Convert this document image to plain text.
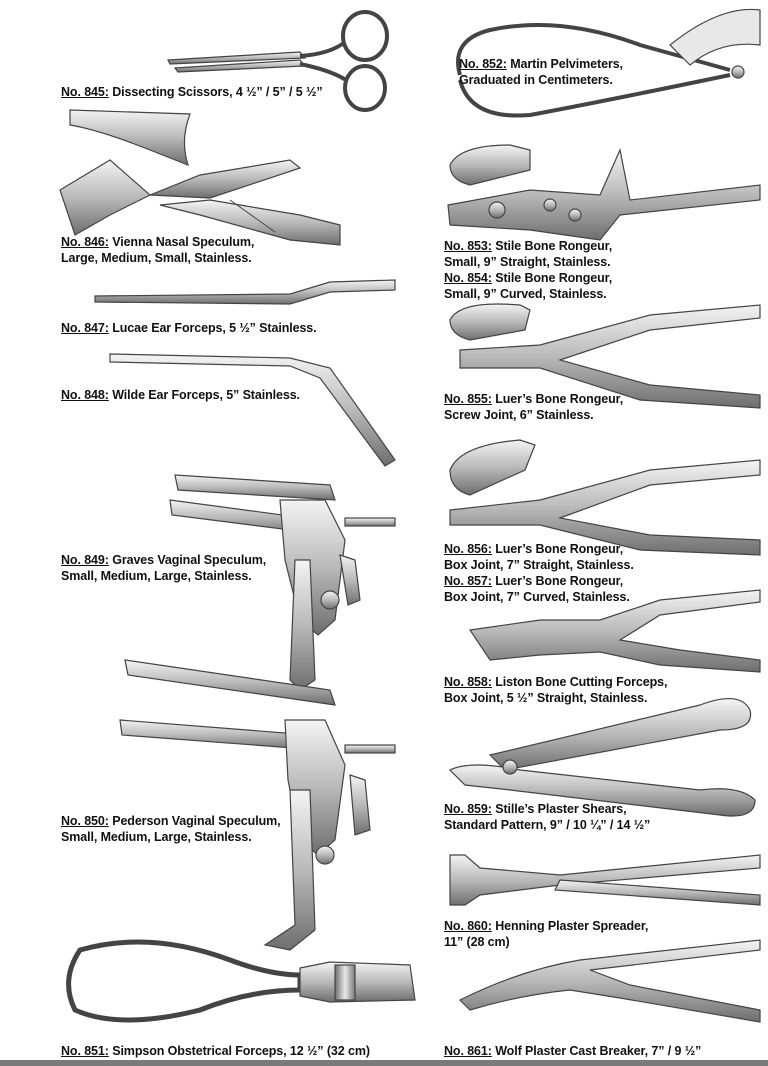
No. 845: Dissecting Scissors, 4 ½” / 5” / 5 ½”
No. 846: Vienna Nasal Speculum,
Large, Medium, Small, Stainless.
No. 847: Lucae Ear Forceps, 5 ½” Stainless.
No. 848: Wilde Ear Forceps, 5” Stainless.
No. 849: Graves Vaginal Speculum,
Small, Medium, Large, Stainless.
No. 850: Pederson Vaginal Speculum,
Small, Medium, Large, Stainless.
No. 851: Simpson Obstetrical Forceps, 12 ½” (32 cm)
No. 852: Martin Pelvimeters,
Graduated in Centimeters.
No. 853: Stile Bone Rongeur,
Small, 9” Straight, Stainless.
No. 854: Stile Bone Rongeur,
Small, 9” Curved, Stainless.
No. 855: Luer’s Bone Rongeur,
Screw Joint, 6” Stainless.
No. 856: Luer’s Bone Rongeur,
Box Joint, 7” Straight, Stainless.
No. 857: Luer’s Bone Rongeur,
Box Joint, 7” Curved, Stainless.
No. 858: Liston Bone Cutting Forceps,
Box Joint, 5 ½” Straight, Stainless.
No. 859: Stille’s Plaster Shears,
Standard Pattern, 9” / 10 ¼” / 14 ½”
No. 860: Henning Plaster Spreader,
11” (28 cm)
No. 861: Wolf Plaster Cast Breaker, 7” / 9 ½”
